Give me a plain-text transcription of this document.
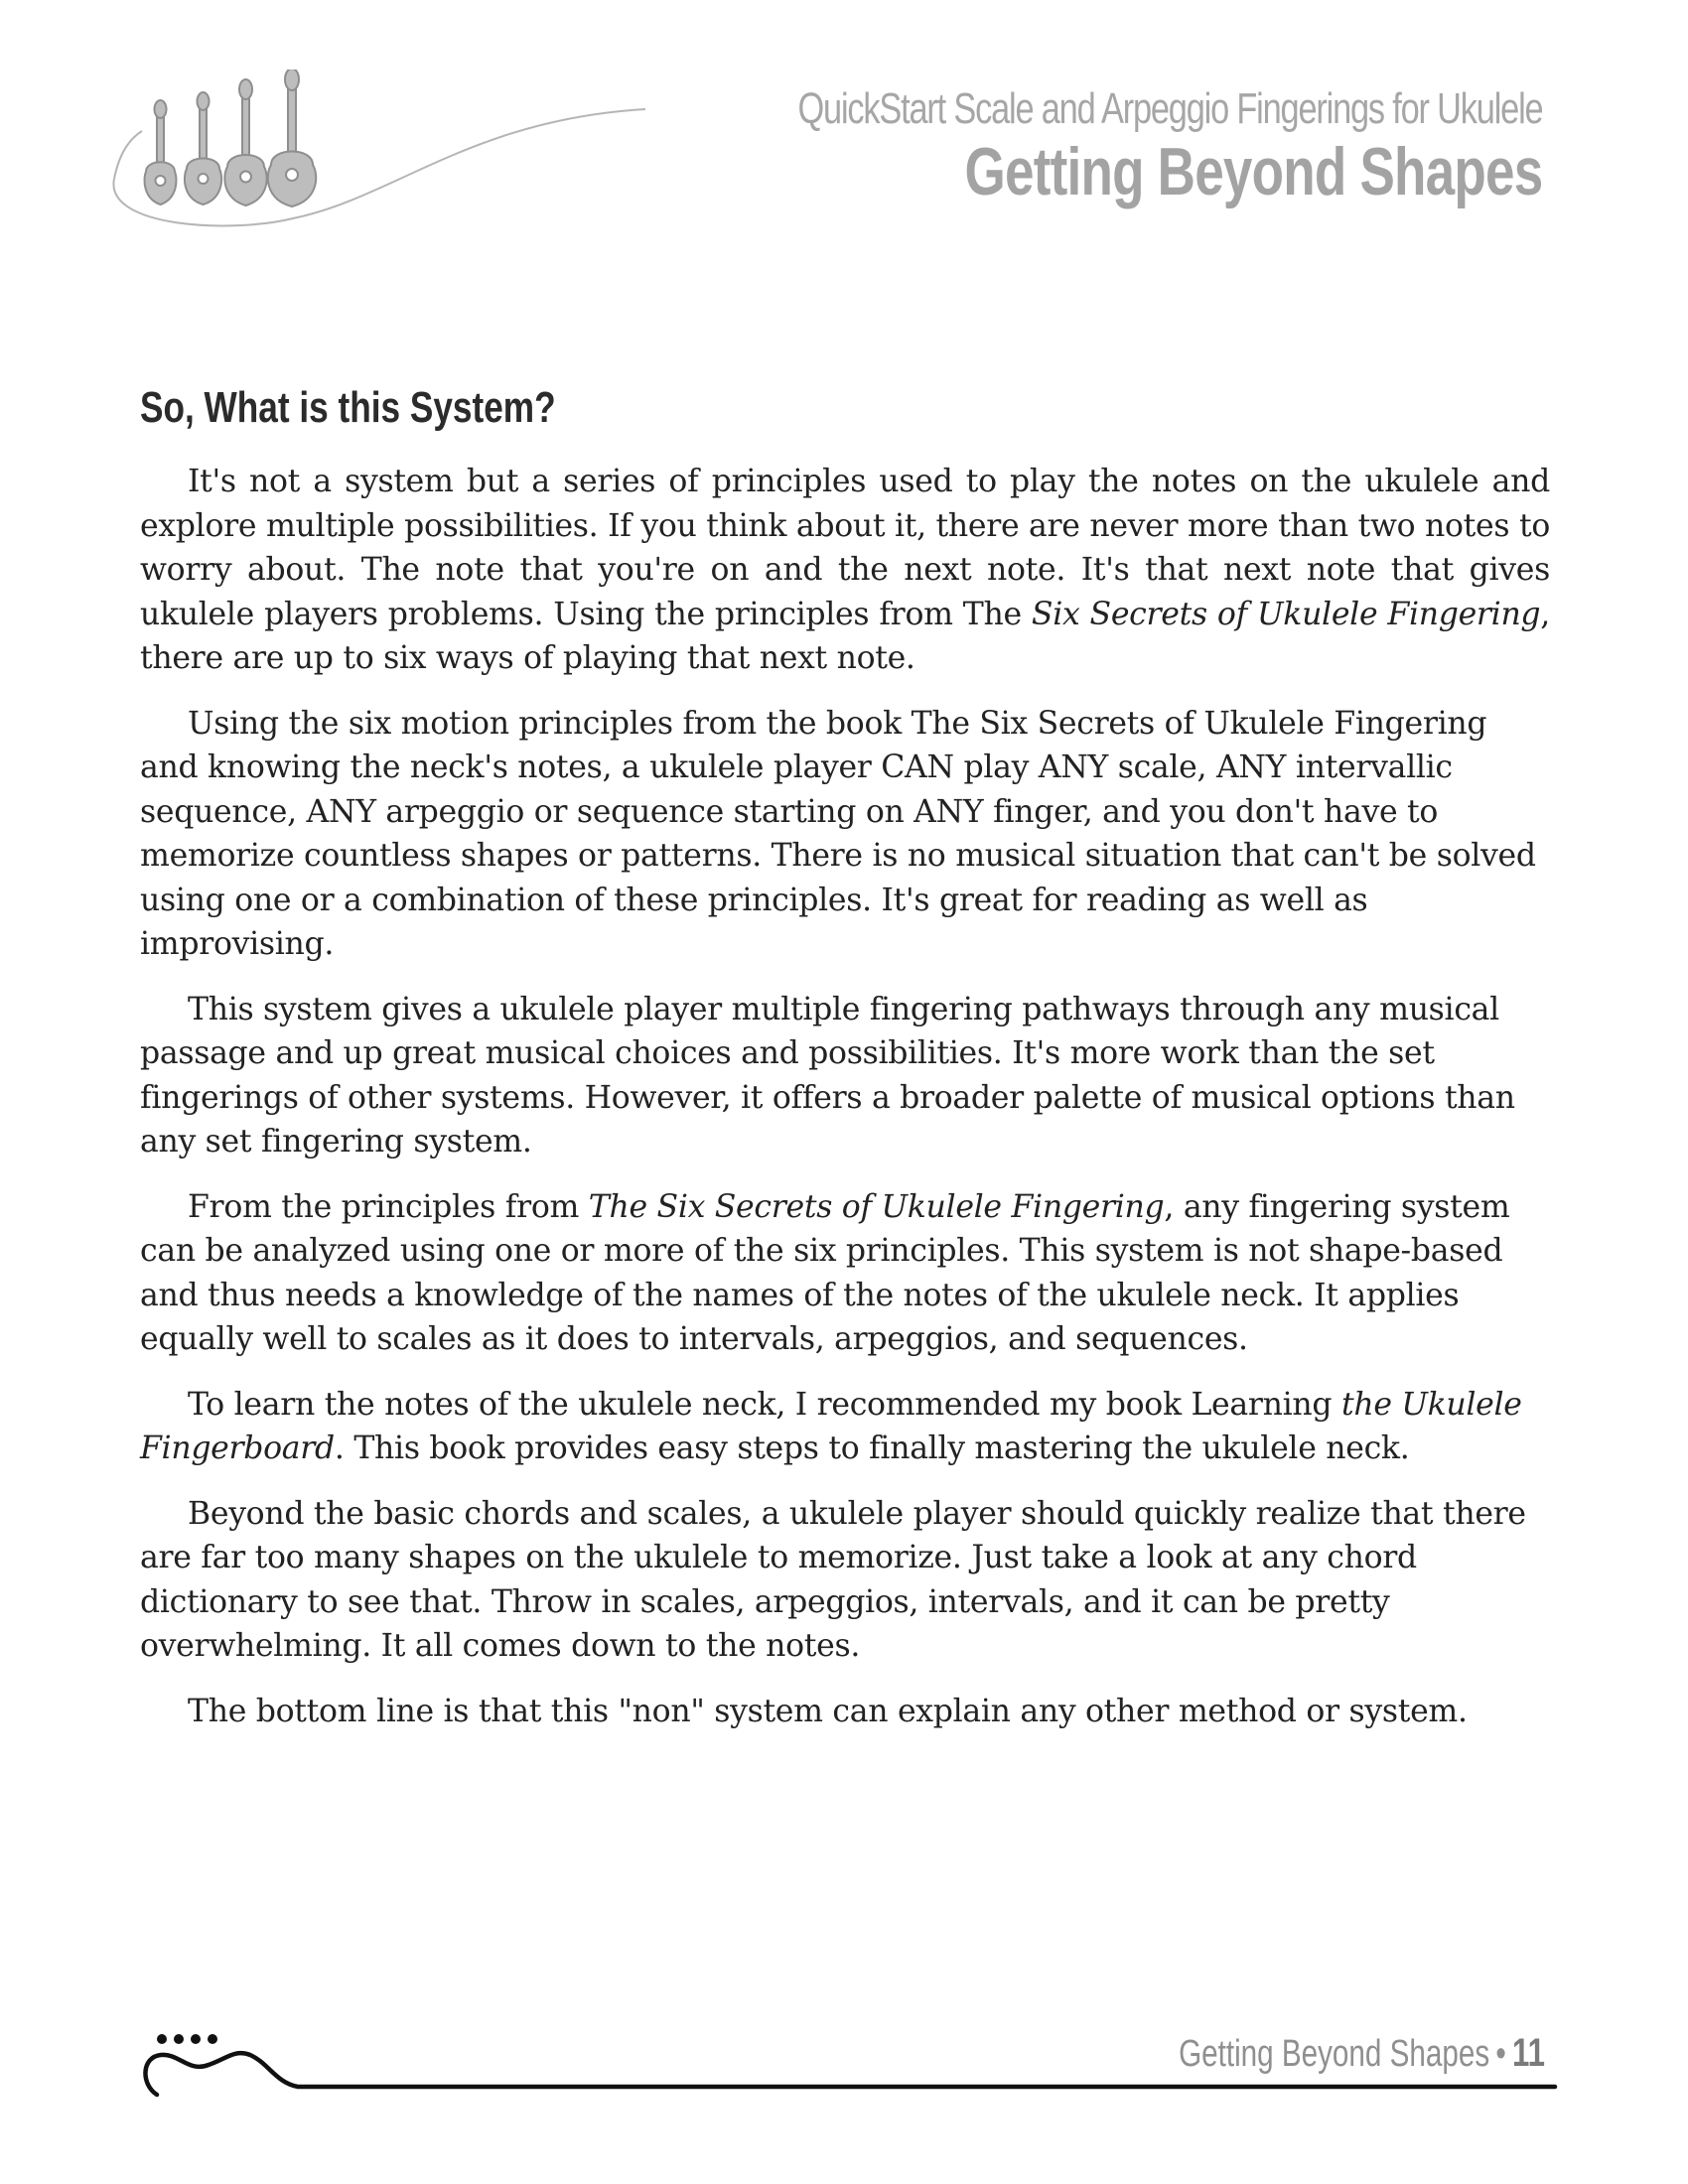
QuickStart Scale and Arpeggio Fingerings for Ukulele
Getting Beyond Shapes
So, What is this System?

It's not a system but a series of principles used to play the notes on the ukulele and explore multiple possibilities. If you think about it, there are never more than two notes to worry about. The note that you're on and the next note. It's that next note that gives ukulele players problems. Using the principles from The Six Secrets of Ukulele Fingering, there are up to six ways of playing that next note.

Using the six motion principles from the book The Six Secrets of Ukulele Fingering and knowing the neck's notes, a ukulele player CAN play ANY scale, ANY intervallic sequence, ANY arpeggio or sequence starting on ANY finger, and you don't have to memorize countless shapes or patterns. There is no musical situation that can't be solved using one or a combination of these principles. It's great for reading as well as improvising.

This system gives a ukulele player multiple fingering pathways through any musical passage and up great musical choices and possibilities. It's more work than the set fingerings of other systems. However, it offers a broader palette of musical options than any set fingering system.

From the principles from The Six Secrets of Ukulele Fingering, any fingering system can be analyzed using one or more of the six principles. This system is not shape-based and thus needs a knowledge of the names of the notes of the ukulele neck. It applies equally well to scales as it does to intervals, arpeggios, and sequences.

To learn the notes of the ukulele neck, I recommended my book Learning the Ukulele Fingerboard. This book provides easy steps to finally mastering the ukulele neck.

Beyond the basic chords and scales, a ukulele player should quickly realize that there are far too many shapes on the ukulele to memorize. Just take a look at any chord dictionary to see that. Throw in scales, arpeggios, intervals, and it can be pretty overwhelming. It all comes down to the notes.

The bottom line is that this "non" system can explain any other method or system.

Getting Beyond Shapes • 11
